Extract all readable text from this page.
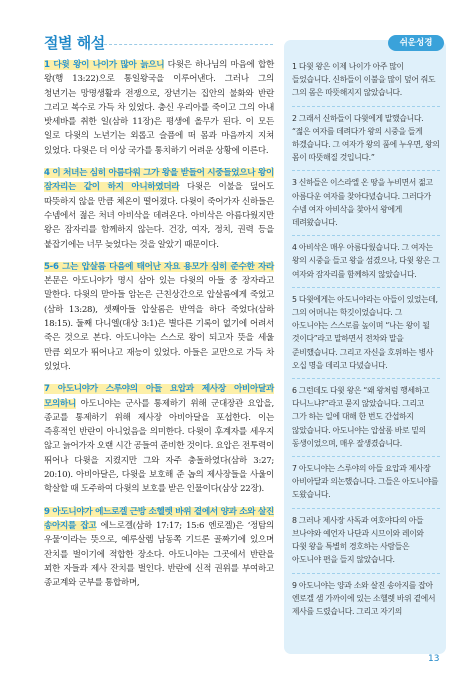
절별 해설

1 다윗 왕이 나이가 많아 늙으니 다윗은 하나님의 마음에 합한 왕(행 13:22)으로 통일왕국을 이루어낸다. 그러나 그의 청년기는 망명생활과 전쟁으로, 장년기는 집안의 불화와 반란 그리고 복수로 가득 차 있었다. 충신 우리아를 죽이고 그의 아내 밧세바를 취한 일(삼하 11장)은 평생에 올무가 된다. 이 모든 일로 다윗의 노년기는 외롭고 슬픔에 떠 몸과 마음까지 지쳐 있었다. 다윗은 더 이상 국가를 통치하기 어려운 상황에 이른다.

4 이 처녀는 심히 아름다워 그가 왕을 받들어 시중들었으나 왕이 잠자리는 같이 하지 아니하였더라 다윗은 이불을 덮어도 따뜻하지 않을 만큼 체온이 떨어졌다. 다윗이 죽어가자 신하들은 수넴에서 젊은 처녀 아비삭을 데려온다. 아비삭은 아름다웠지만 왕은 잠자리를 함께하지 않는다. 건강, 여자, 정치, 권력 등을 붙잡기에는 너무 늦었다는 것을 알았기 때문이다.

5-6 그는 압살롬 다음에 태어난 자요 용모가 심히 준수한 자라 본문은 아도니야가 명시 삼아 있는 다윗의 아들 중 장자라고 말한다. 다윗의 맏아들 암논은 근친상간으로 압살롬에게 죽었고(삼하 13:28), 셋째아들 압살롬은 반역을 하다 죽었다(삼하 18:15). 둘째 다니엘(대상 3:1)은 별다른 기록이 없기에 어려서 죽은 것으로 본다. 아도니야는 스스로 왕이 되고자 뜻을 세울 만큼 외모가 뛰어나고 재능이 있었다. 아들은 교만으로 가득 차 있었다.

7 아도니야가 스루야의 아들 요압과 제사장 아비아달과 모의하니 아도니야는 군사를 통제하기 위해 군대장관 요압을, 종교를 통제하기 위해 제사장 아비아달을 포섭한다. 이는 즉흥적인 반란이 아니었음을 의미한다. 다윗이 후계자를 세우지 않고 늙어가자 오랜 시간 공들여 준비한 것이다. 요압은 전투력이 뛰어나 다윗을 지켰지만 그와 자주 충돌하였다(삼하 3:27; 20:10). 아비아달은, 다윗을 보호해 준 놉의 제사장들을 사울이 학살할 때 도주하여 다윗의 보호를 받은 인물이다(삼상 22장).

9 아도니야가 에느로겔 근방 소헬렛 바위 곁에서 양과 소와 살진 송아지를 잡고 에느로겔(삼하 17:17; 15:6 엔로겔)은 ‘정탐의 우물’이라는 뜻으로, 예루살렘 남동쪽 기드론 골짜기에 있으며 잔치를 벌이기에 적합한 장소다. 아도니야는 그곳에서 반란을 꾀한 자들과 제사 잔치를 벌인다. 반란에 신적 권위를 부여하고 종교계와 군부를 통합하며,

쉬운성경
1 다윗 왕은 이제 나이가 아주 많이 들었습니다. 신하들이 이불을 많이 덮어 줘도 그의 몸은 따뜻해지지 않았습니다.
2 그래서 신하들이 다윗에게 말했습니다. “젊은 여자를 데려다가 왕의 시중을 들게 하겠습니다. 그 여자가 왕의 품에 누우면, 왕의 몸이 따뜻해질 것입니다.”
3 신하들은 이스라엘 온 땅을 누비면서 젊고 아름다운 여자를 찾아다녔습니다. 그러다가 수넴 여자 아비삭을 찾아서 왕에게 데려왔습니다.
4 아비삭은 매우 아름다웠습니다. 그 여자는 왕의 시중을 들고 왕을 섬겼으나, 다윗 왕은 그 여자와 잠자리를 함께하지 않았습니다.
5 다윗에게는 아도니야라는 아들이 있었는데, 그의 어머니는 학깃이었습니다. 그 아도니야는 스스로를 높이며 “나는 왕이 될 것이다”라고 말하면서 전차와 말을 준비했습니다. 그리고 자신을 호위하는 병사 오십 명을 데리고 다녔습니다.
6 그런데도 다윗 왕은 “왜 왕처럼 행세하고 다니느냐?”라고 묻지 않았습니다. 그리고 그가 하는 일에 대해 한 번도 간섭하지 않았습니다. 아도니야는 압살롬 바로 밑의 동생이었으며, 매우 잘생겼습니다.
7 아도니야는 스루야의 아들 요압과 제사장 아비아달과 의논했습니다. 그들은 아도니야를 도왔습니다.
8 그러나 제사장 사독과 여호야다의 아들 브나야와 예언자 나단과 시므이와 레이와 다윗 왕을 특별히 경호하는 사람들은 아도니야 편을 들지 않았습니다.
9 아도니야는 양과 소와 살진 송아지를 잡아 엔로겔 샘 가까이에 있는 소헬렛 바위 곁에서 제사를 드렸습니다. 그리고 자기의
13
